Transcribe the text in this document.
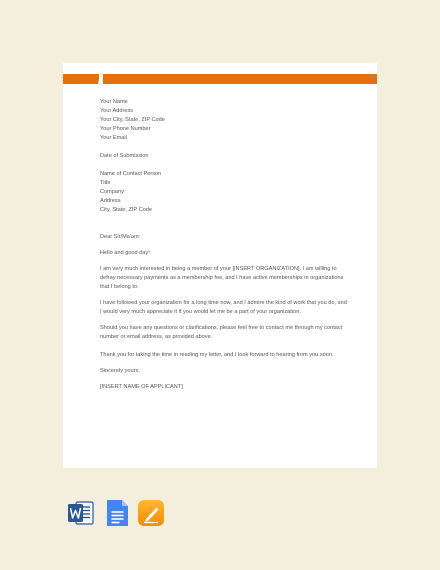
Your Name
Your Address
Your City, State, ZIP Code
Your Phone Number
Your Email
Date of Submission
Name of Contact Person
Title
Company
Address
City, State, ZIP Code
Dear Sir/Ma'am:
Hello and good day!
I am very much interested in being a member of your [INSERT ORGANIZATION]. I am willing to defray necessary payments as a membership fee, and I have active memberships in organizations that I belong to.
I have followed your organization for a long time now, and I admire the kind of work that you do, and I would very much appreciate it if you would let me be a part of your organization.
Should you have any questions or clarifications, please feel free to contact me through my contact number or email address, as provided above.
Thank you for taking the time in reading my letter, and I look forward to hearing from you soon.
Sincerely yours,
[INSERT NAME OF APPLICANT]
